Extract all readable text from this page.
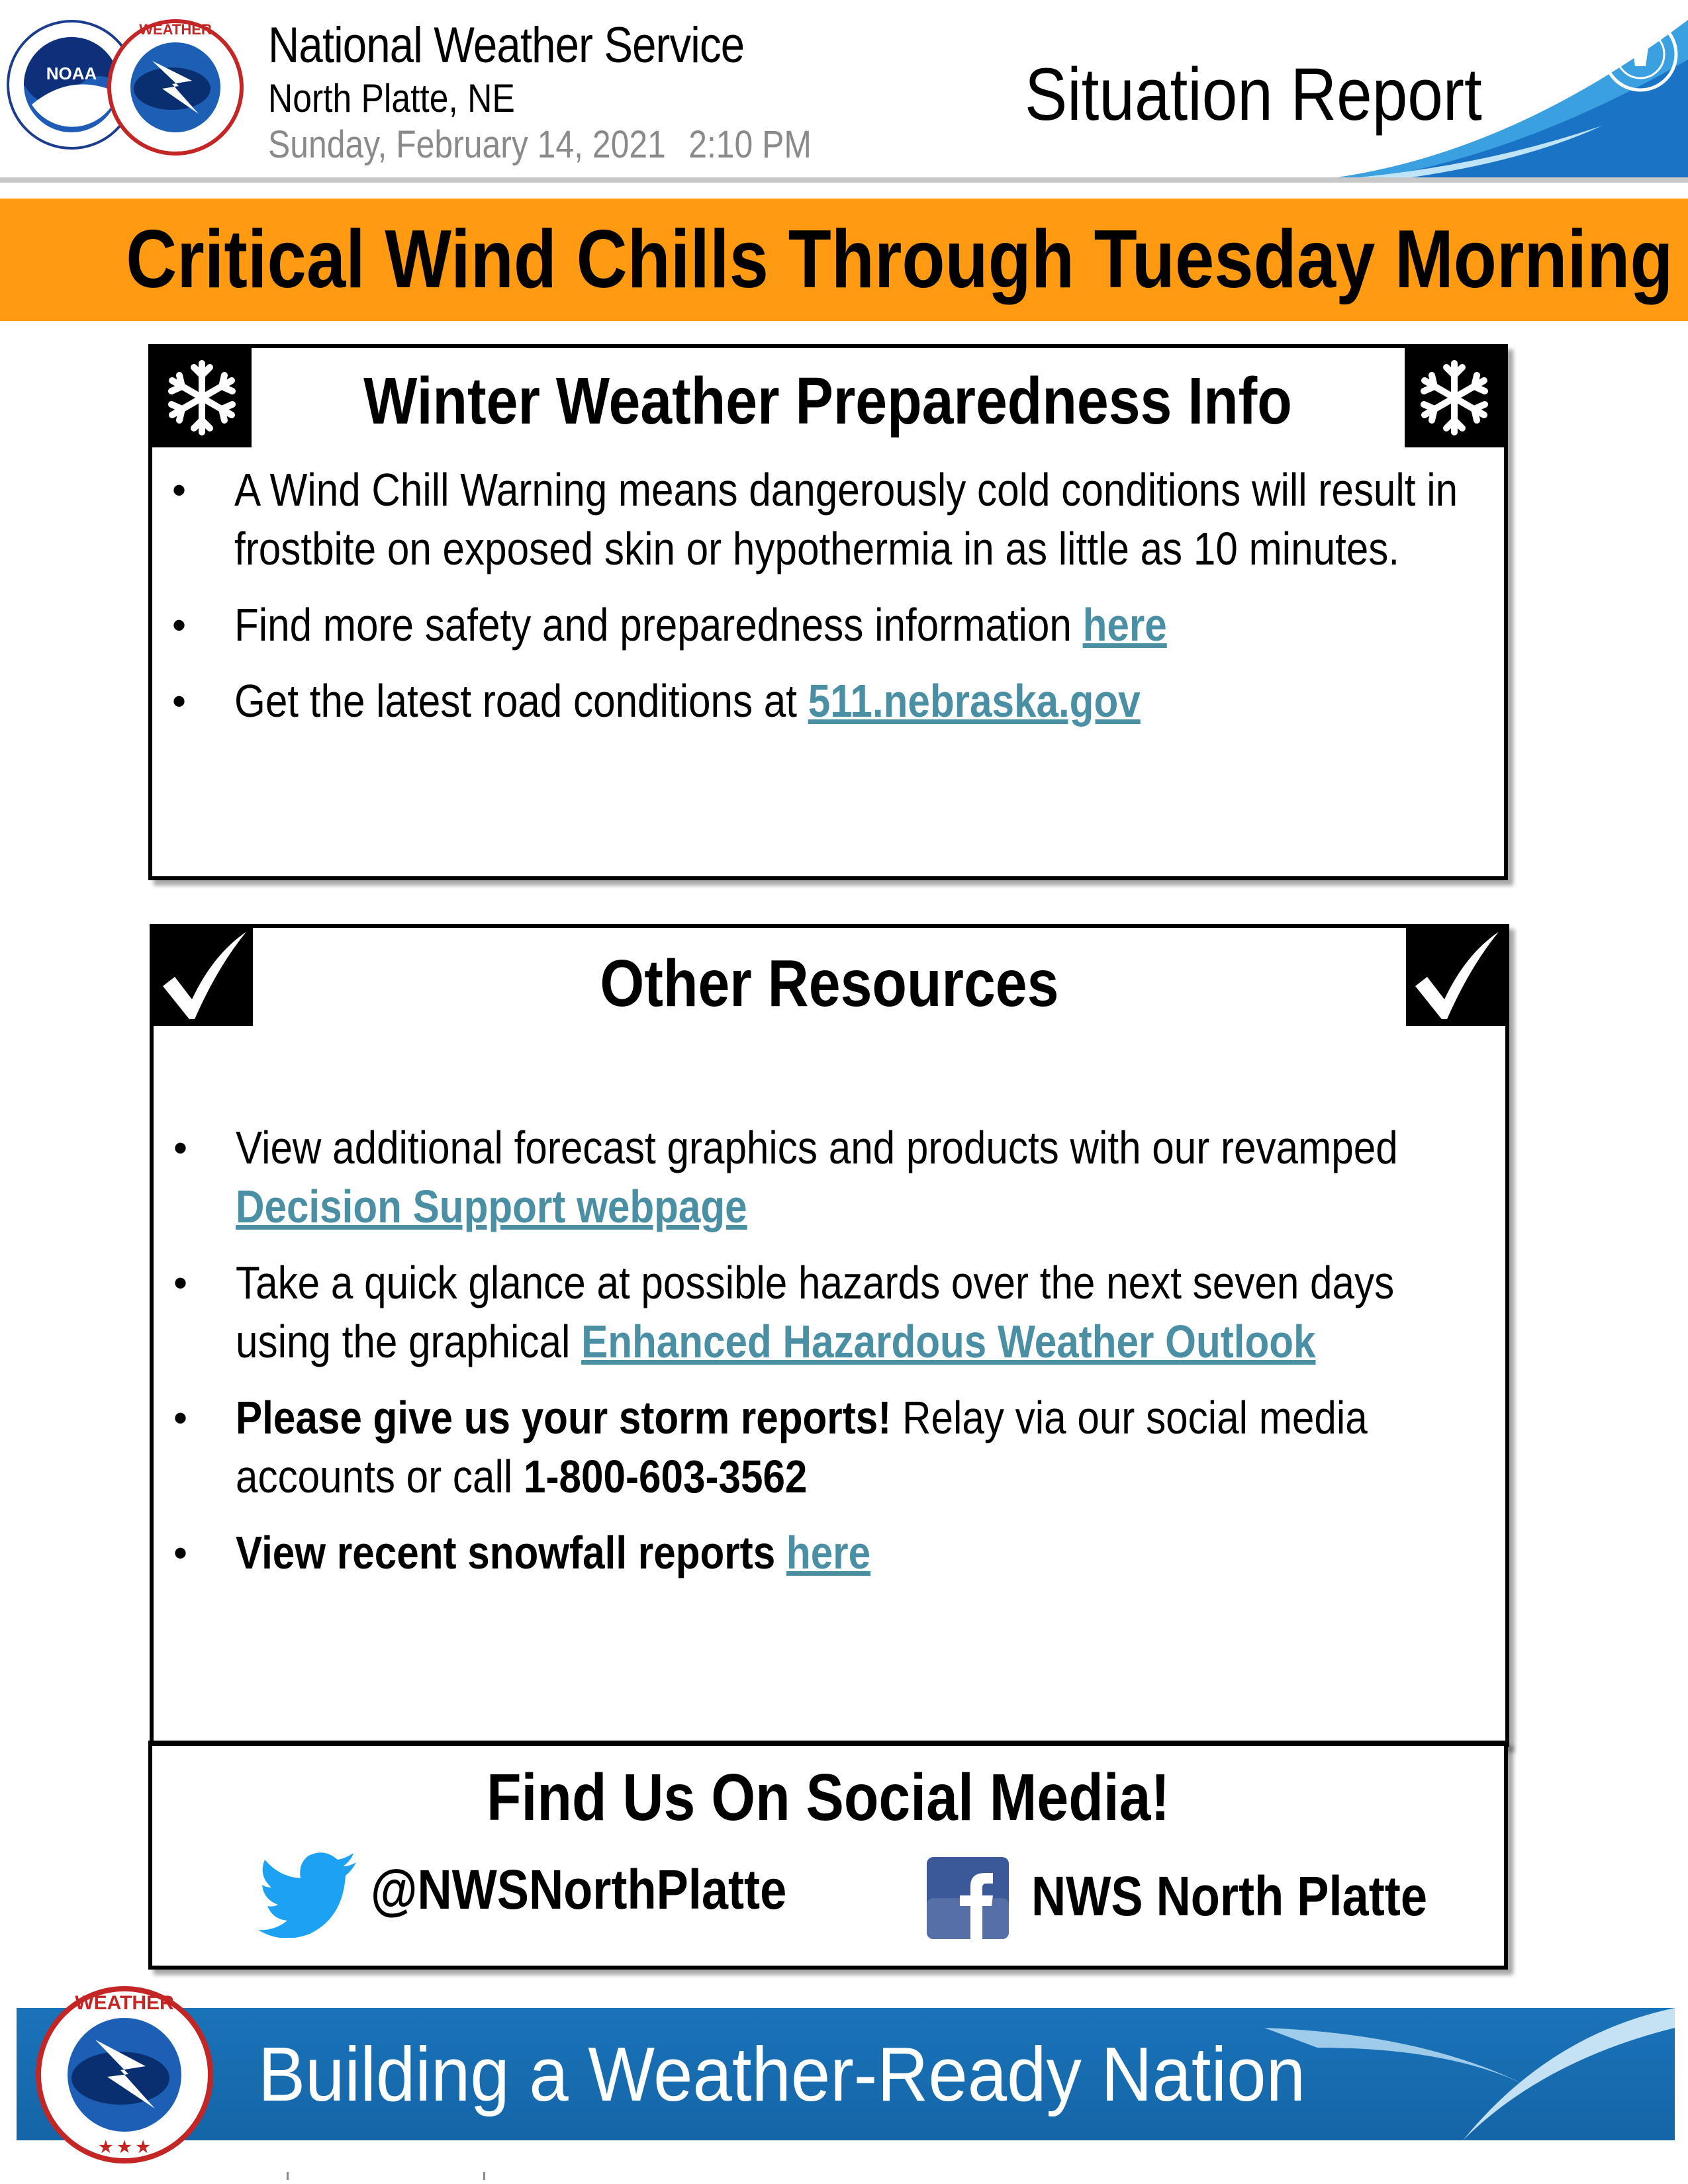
NOAA
WEATHER National Weather Service
North Platte, NE
Sunday, February 14, 2021 2:10 PM
Situation Report
Critical Wind Chills Through Tuesday Morning
Winter Weather Preparedness Info
• A Wind Chill Warning means dangerously cold conditions will result in frostbite on exposed skin or hypothermia in as little as 10 minutes.
• Find more safety and preparedness information here
• Get the latest road conditions at 511.nebraska.gov
Other Resources
• View additional forecast graphics and products with our revamped Decision Support webpage
• Take a quick glance at possible hazards over the next seven days using the graphical Enhanced Hazardous Weather Outlook
• Please give us your storm reports! Relay via our social media accounts or call 1-800-603-3562
• View recent snowfall reports here
Find Us On Social Media!
@NWSNorthPlatte	NWS North Platte
Building a Weather-Ready Nation
WEATHER
★ ★ ★
